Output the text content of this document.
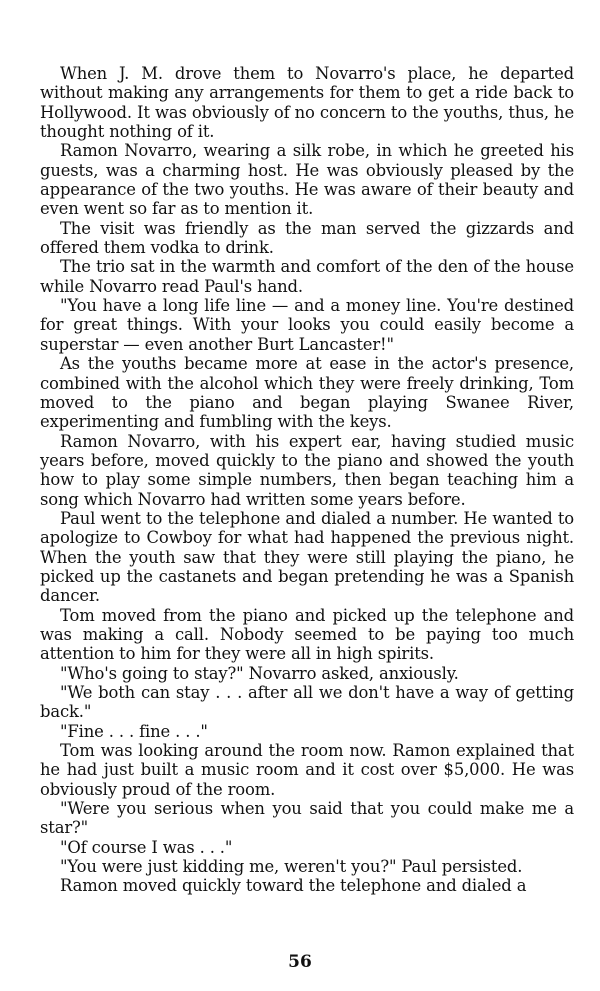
When J. M. drove them to Novarro's place, he departed without making any arrangements for them to get a ride back to Hollywood. It was obviously of no concern to the youths, thus, he thought nothing of it.

Ramon Novarro, wearing a silk robe, in which he greeted his guests, was a charming host. He was obviously pleased by the appearance of the two youths. He was aware of their beauty and even went so far as to mention it.

The visit was friendly as the man served the gizzards and offered them vodka to drink.

The trio sat in the warmth and comfort of the den of the house while Novarro read Paul's hand.

"You have a long life line — and a money line. You're destined for great things. With your looks you could easily become a superstar — even another Burt Lancaster!"

As the youths became more at ease in the actor's presence, combined with the alcohol which they were freely drinking, Tom moved to the piano and began playing Swanee River, experimenting and fumbling with the keys.

Ramon Novarro, with his expert ear, having studied music years before, moved quickly to the piano and showed the youth how to play some simple numbers, then began teaching him a song which Novarro had written some years before.

Paul went to the telephone and dialed a number. He wanted to apologize to Cowboy for what had happened the previous night. When the youth saw that they were still playing the piano, he picked up the castanets and began pretending he was a Spanish dancer.

Tom moved from the piano and picked up the telephone and was making a call. Nobody seemed to be paying too much attention to him for they were all in high spirits.

"Who's going to stay?" Novarro asked, anxiously.

"We both can stay . . . after all we don't have a way of getting back."

"Fine . . . fine . . ."

Tom was looking around the room now. Ramon explained that he had just built a music room and it cost over $5,000. He was obviously proud of the room.

"Were you serious when you said that you could make me a star?"

"Of course I was . . ."

"You were just kidding me, weren't you?" Paul persisted.

Ramon moved quickly toward the telephone and dialed a

56
